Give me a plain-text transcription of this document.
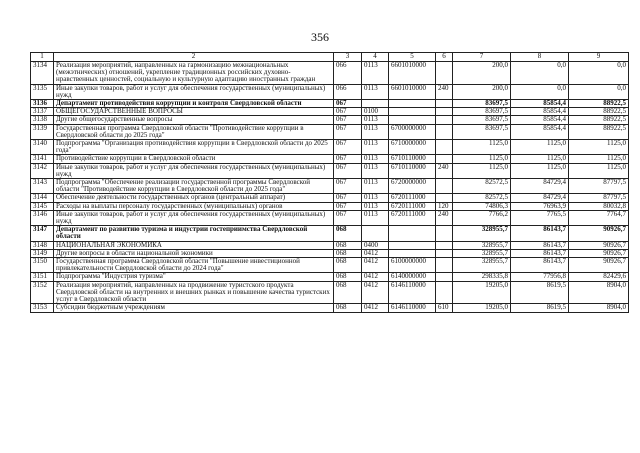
356
1	2	3	4	5	6	7	8	9
3134	Реализация мероприятий, направленных на гармонизацию межнациональных (межэтнических) отношений, укрепление традиционных российских духовно-нравственных ценностей, социальную и культурную адаптацию иностранных граждан	066	0113	6601010000		200,0	0,0	0,0
3135	Иные закупки товаров, работ и услуг для обеспечения государственных (муниципальных) нужд	066	0113	6601010000	240	200,0	0,0	0,0
3136	Департамент противодействия коррупции и контроля Свердловской области	067				83697,5	85854,4	88922,5
3137	ОБЩЕГОСУДАРСТВЕННЫЕ ВОПРОСЫ	067	0100			83697,5	85854,4	88922,5
3138	Другие общегосударственные вопросы	067	0113			83697,5	85854,4	88922,5
3139	Государственная программа Свердловской области "Противодействие коррупции в Свердловской области до 2025 года"	067	0113	6700000000		83697,5	85854,4	88922,5
3140	Подпрограмма "Организация противодействия коррупции в Свердловской области до 2025 года"	067	0113	6710000000		1125,0	1125,0	1125,0
3141	Противодействие коррупции в Свердловской области	067	0113	6710110000		1125,0	1125,0	1125,0
3142	Иные закупки товаров, работ и услуг для обеспечения государственных (муниципальных) нужд	067	0113	6710110000	240	1125,0	1125,0	1125,0
3143	Подпрограмма "Обеспечение реализации государственной программы Свердловской области "Противодействие коррупции в Свердловской области до 2025 года"	067	0113	6720000000		82572,5	84729,4	87797,5
3144	Обеспечение деятельности государственных органов (центральный аппарат)	067	0113	6720111000		82572,5	84729,4	87797,5
3145	Расходы на выплаты персоналу государственных (муниципальных) органов	067	0113	6720111000	120	74806,3	76963,9	80032,8
3146	Иные закупки товаров, работ и услуг для обеспечения государственных (муниципальных) нужд	067	0113	6720111000	240	7766,2	7765,5	7764,7
3147	Департамент по развитию туризма и индустрии гостеприимства Свердловской области	068				328955,7	86143,7	90926,7
3148	НАЦИОНАЛЬНАЯ ЭКОНОМИКА	068	0400			328955,7	86143,7	90926,7
3149	Другие вопросы в области национальной экономики	068	0412			328955,7	86143,7	90926,7
3150	Государственная программа Свердловской области "Повышение инвестиционной привлекательности Свердловской области до 2024 года"	068	0412	6100000000		328955,7	86143,7	90926,7
3151	Подпрограмма "Индустрия туризма"	068	0412	6140000000		298335,8	77956,8	82429,6
3152	Реализация мероприятий, направленных на продвижение туристского продукта Свердловской области на внутренних и внешних рынках и повышение качества туристских услуг в Свердловской области	068	0412	6146110000		19205,0	8619,5	8904,0
3153	Субсидии бюджетным учреждениям	068	0412	6146110000	610	19205,0	8619,5	8904,0
